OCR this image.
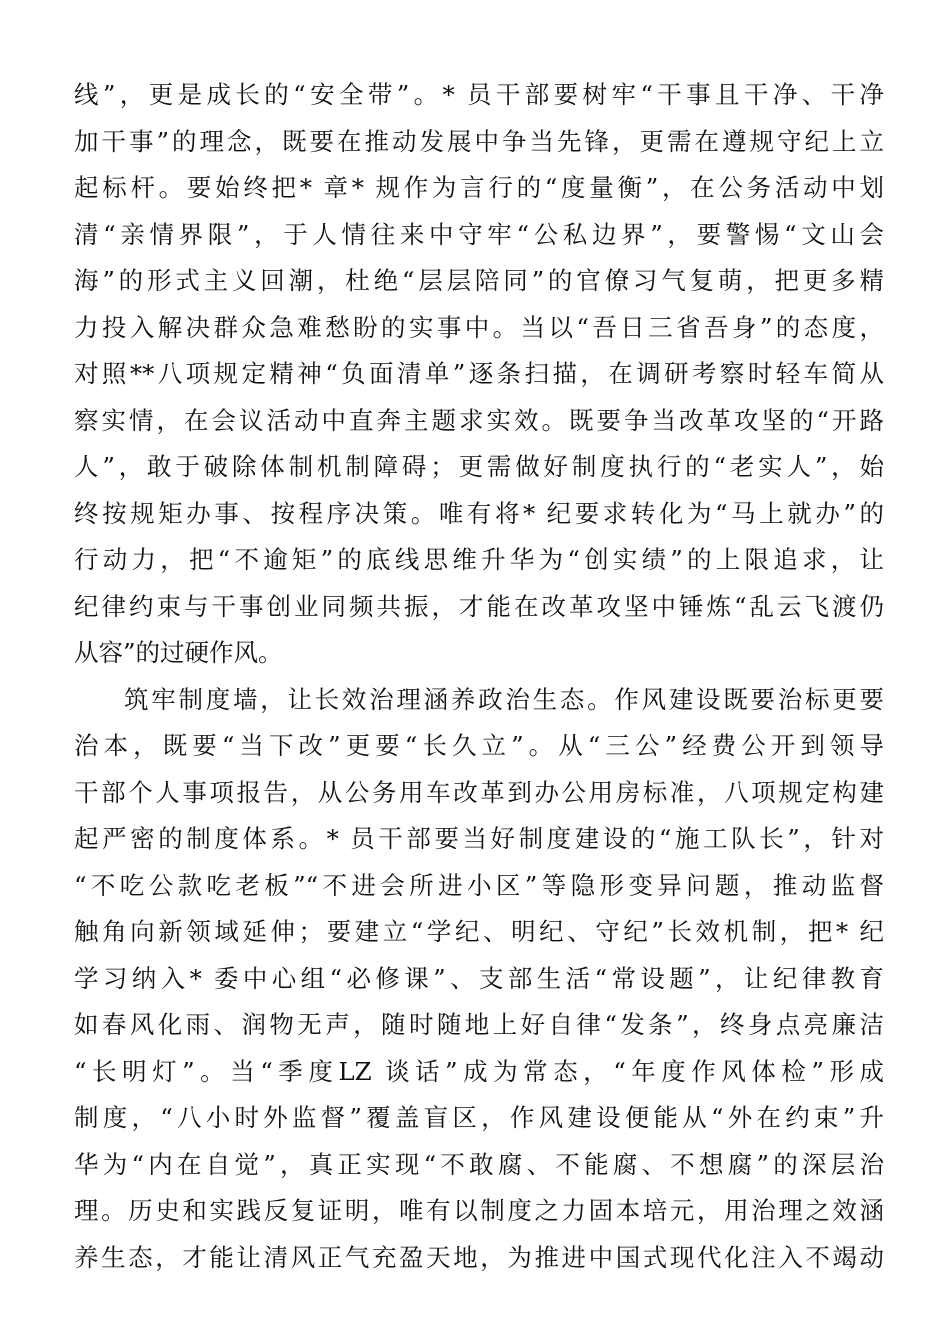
线”，更是成长的“安全带”。* 员干部要树牢“干事且干净、干净
加干事”的理念，既要在推动发展中争当先锋，更需在遵规守纪上立
起标杆。要始终把* 章* 规作为言行的“度量衡”，在公务活动中划
清“亲情界限”，于人情往来中守牢“公私边界”，要警惕“文山会
海”的形式主义回潮，杜绝“层层陪同”的官僚习气复萌，把更多精
力投入解决群众急难愁盼的实事中。当以“吾日三省吾身”的态度，
对照**八项规定精神“负面清单”逐条扫描，在调研考察时轻车简从
察实情，在会议活动中直奔主题求实效。既要争当改革攻坚的“开路
人”，敢于破除体制机制障碍；更需做好制度执行的“老实人”，始
终按规矩办事、按程序决策。唯有将* 纪要求转化为“马上就办”的
行动力，把“不逾矩”的底线思维升华为“创实绩”的上限追求，让
纪律约束与干事创业同频共振，才能在改革攻坚中锤炼“乱云飞渡仍
从容”的过硬作风。
筑牢制度墙，让长效治理涵养政治生态。作风建设既要治标更要
治本，既要“当下改”更要“长久立”。从“三公”经费公开到领导
干部个人事项报告，从公务用车改革到办公用房标准，八项规定构建
起严密的制度体系。* 员干部要当好制度建设的“施工队长”，针对
“不吃公款吃老板”“不进会所进小区”等隐形变异问题，推动监督
触角向新领域延伸；要建立“学纪、明纪、守纪”长效机制，把* 纪
学习纳入* 委中心组“必修课”、支部生活“常设题”，让纪律教育
如春风化雨、润物无声，随时随地上好自律“发条”，终身点亮廉洁
“长明灯”。当“季度LZ 谈话”成为常态，“年度作风体检”形成
制度，“八小时外监督”覆盖盲区，作风建设便能从“外在约束”升
华为“内在自觉”，真正实现“不敢腐、不能腐、不想腐”的深层治
理。历史和实践反复证明，唯有以制度之力固本培元，用治理之效涵
养生态，才能让清风正气充盈天地，为推进中国式现代化注入不竭动
